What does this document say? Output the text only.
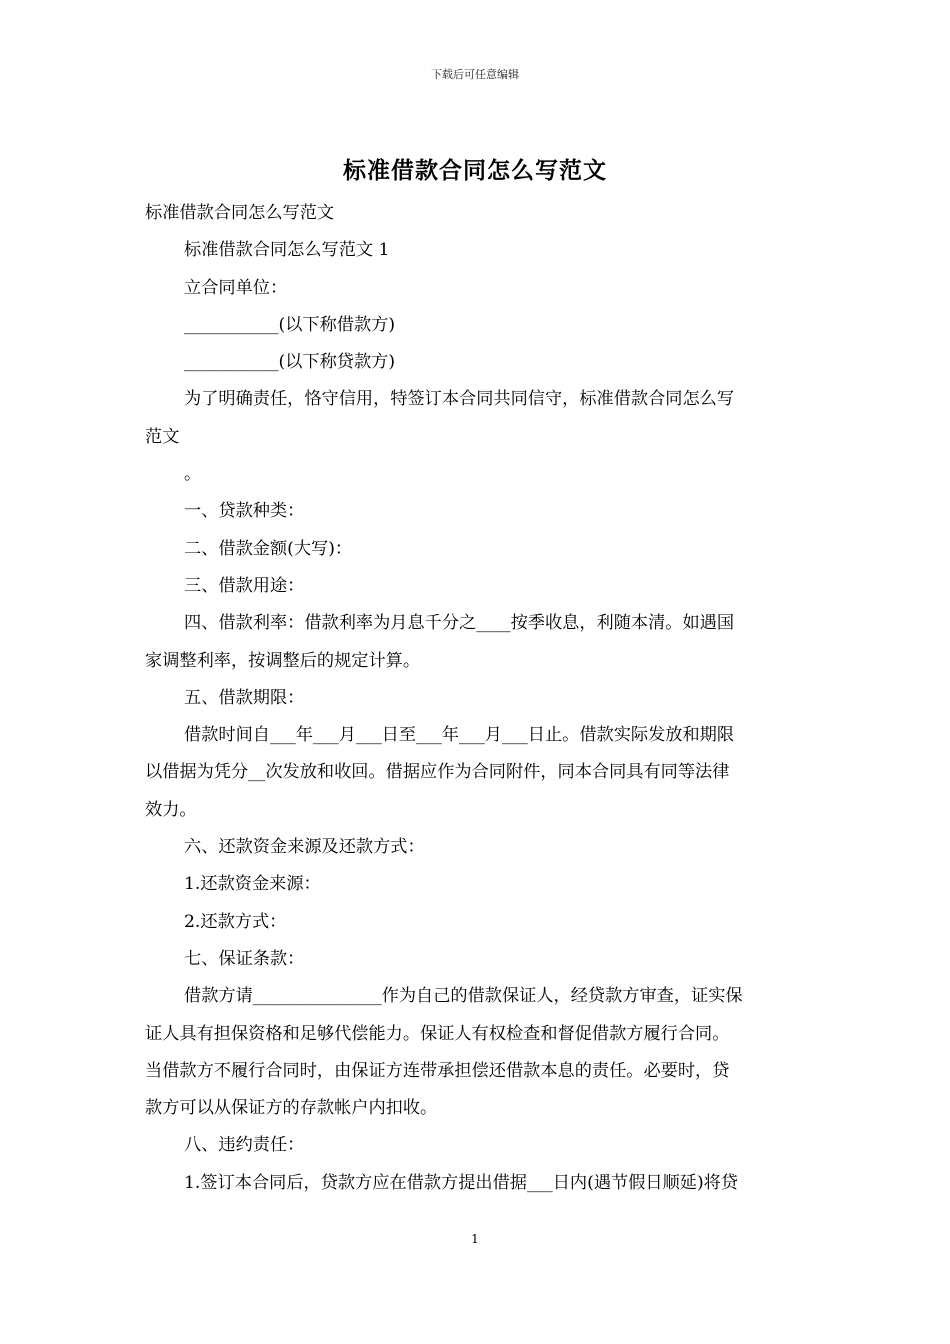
下载后可任意编辑
标准借款合同怎么写范文
标准借款合同怎么写范文
标准借款合同怎么写范文 1
立合同单位：
___________(以下称借款方)
___________(以下称贷款方)
为了明确责任，恪守信用，特签订本合同共同信守，标准借款合同怎么写
范文
。
一、贷款种类：
二、借款金额(大写)：
三、借款用途：
四、借款利率：借款利率为月息千分之____按季收息，利随本清。如遇国
家调整利率，按调整后的规定计算。
五、借款期限：
借款时间自___年___月___日至___年___月___日止。借款实际发放和期限
以借据为凭分__次发放和收回。借据应作为合同附件，同本合同具有同等法律
效力。
六、还款资金来源及还款方式：
1.还款资金来源：
2.还款方式：
七、保证条款：
借款方请_______________作为自己的借款保证人，经贷款方审查，证实保
证人具有担保资格和足够代偿能力。保证人有权检查和督促借款方履行合同。
当借款方不履行合同时，由保证方连带承担偿还借款本息的责任。必要时，贷
款方可以从保证方的存款帐户内扣收。
八、违约责任：
1.签订本合同后，贷款方应在借款方提出借据___日内(遇节假日顺延)将贷
1
